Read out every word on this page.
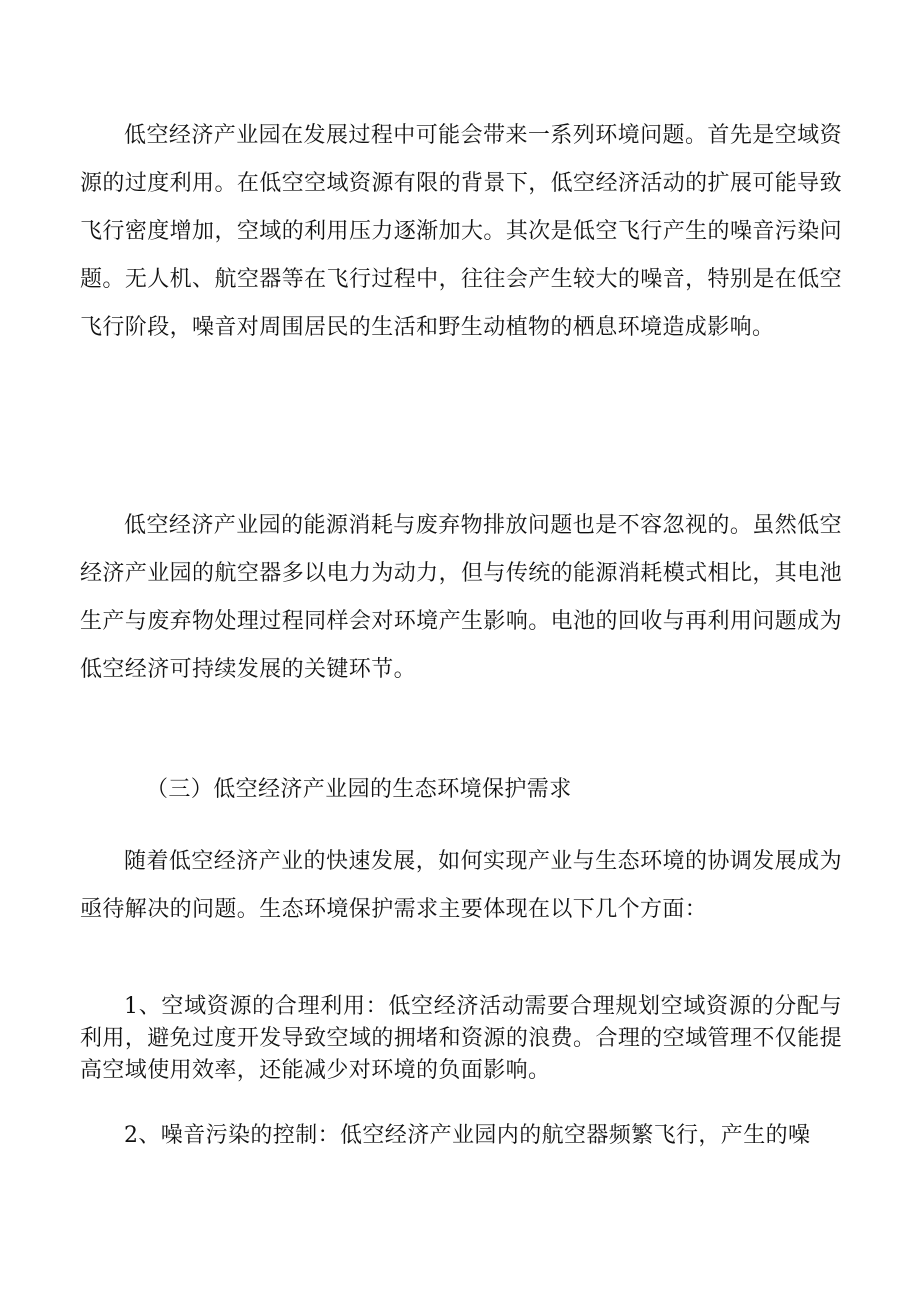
低空经济产业园在发展过程中可能会带来一系列环境问题。首先是空域资源的过度利用。在低空空域资源有限的背景下，低空经济活动的扩展可能导致飞行密度增加，空域的利用压力逐渐加大。其次是低空飞行产生的噪音污染问题。无人机、航空器等在飞行过程中，往往会产生较大的噪音，特别是在低空飞行阶段，噪音对周围居民的生活和野生动植物的栖息环境造成影响。

低空经济产业园的能源消耗与废弃物排放问题也是不容忽视的。虽然低空经济产业园的航空器多以电力为动力，但与传统的能源消耗模式相比，其电池生产与废弃物处理过程同样会对环境产生影响。电池的回收与再利用问题成为低空经济可持续发展的关键环节。

（三）低空经济产业园的生态环境保护需求

随着低空经济产业的快速发展，如何实现产业与生态环境的协调发展成为亟待解决的问题。生态环境保护需求主要体现在以下几个方面：

1、空域资源的合理利用：低空经济活动需要合理规划空域资源的分配与利用，避免过度开发导致空域的拥堵和资源的浪费。合理的空域管理不仅能提高空域使用效率，还能减少对环境的负面影响。

2、噪音污染的控制：低空经济产业园内的航空器频繁飞行，产生的噪
